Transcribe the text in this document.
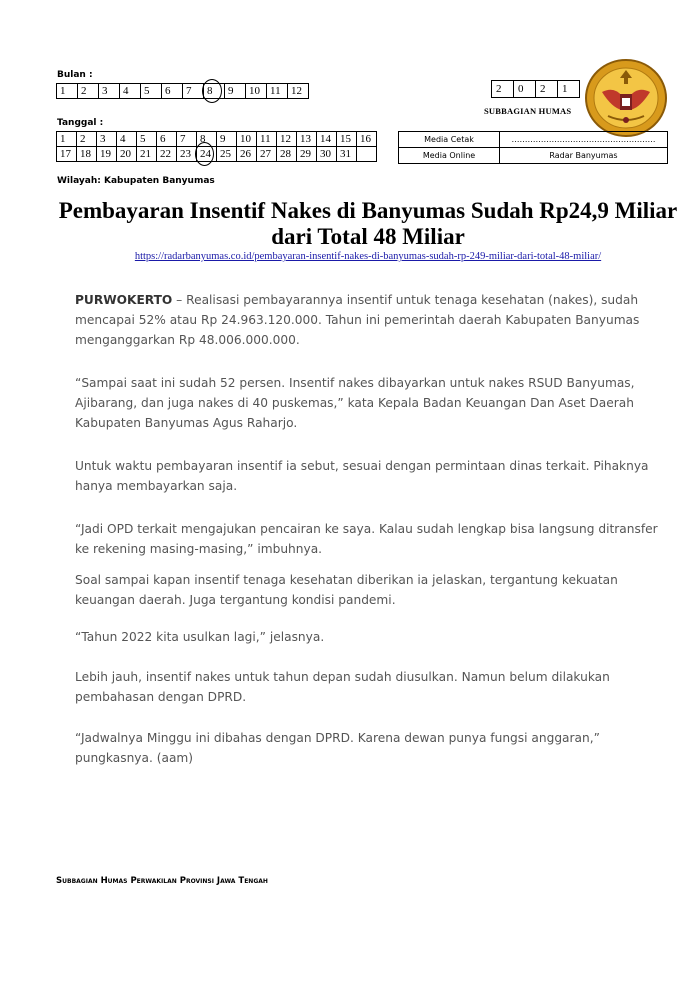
Bulan :
1	2	3	4	5	6	7	8	9	10	11	12
Tanggal :
1	2	3	4	5	6	7	8	9	10	11	12	13	14	15	16
17	18	19	20	21	22	23	24	25	26	27	28	29	30	31	
2	0	2	1
SUBBAGIAN HUMAS
Media Cetak	………………………………………………
Media Online	Radar Banyumas
Wilayah: Kabupaten Banyumas
Pembayaran Insentif Nakes di Banyumas Sudah Rp24,9 Miliar dari Total 48 Miliar
https://radarbanyumas.co.id/pembayaran-insentif-nakes-di-banyumas-sudah-rp-249-miliar-dari-total-48-miliar/
PURWOKERTO – Realisasi pembayarannya insentif untuk tenaga kesehatan (nakes), sudah mencapai 52% atau Rp 24.963.120.000. Tahun ini pemerintah daerah Kabupaten Banyumas menganggarkan Rp 48.006.000.000.
“Sampai saat ini sudah 52 persen. Insentif nakes dibayarkan untuk nakes RSUD Banyumas, Ajibarang, dan juga nakes di 40 puskemas,” kata Kepala Badan Keuangan Dan Aset Daerah Kabupaten Banyumas Agus Raharjo.
Untuk waktu pembayaran insentif ia sebut, sesuai dengan permintaan dinas terkait. Pihaknya hanya membayarkan saja.
“Jadi OPD terkait mengajukan pencairan ke saya. Kalau sudah lengkap bisa langsung ditransfer ke rekening masing-masing,” imbuhnya.
Soal sampai kapan insentif tenaga kesehatan diberikan ia jelaskan, tergantung kekuatan keuangan daerah. Juga tergantung kondisi pandemi.
“Tahun 2022 kita usulkan lagi,” jelasnya.
Lebih jauh, insentif nakes untuk tahun depan sudah diusulkan. Namun belum dilakukan pembahasan dengan DPRD.
“Jadwalnya Minggu ini dibahas dengan DPRD. Karena dewan punya fungsi anggaran,” pungkasnya. (aam)
Subbagian Humas Perwakilan Provinsi Jawa Tengah
